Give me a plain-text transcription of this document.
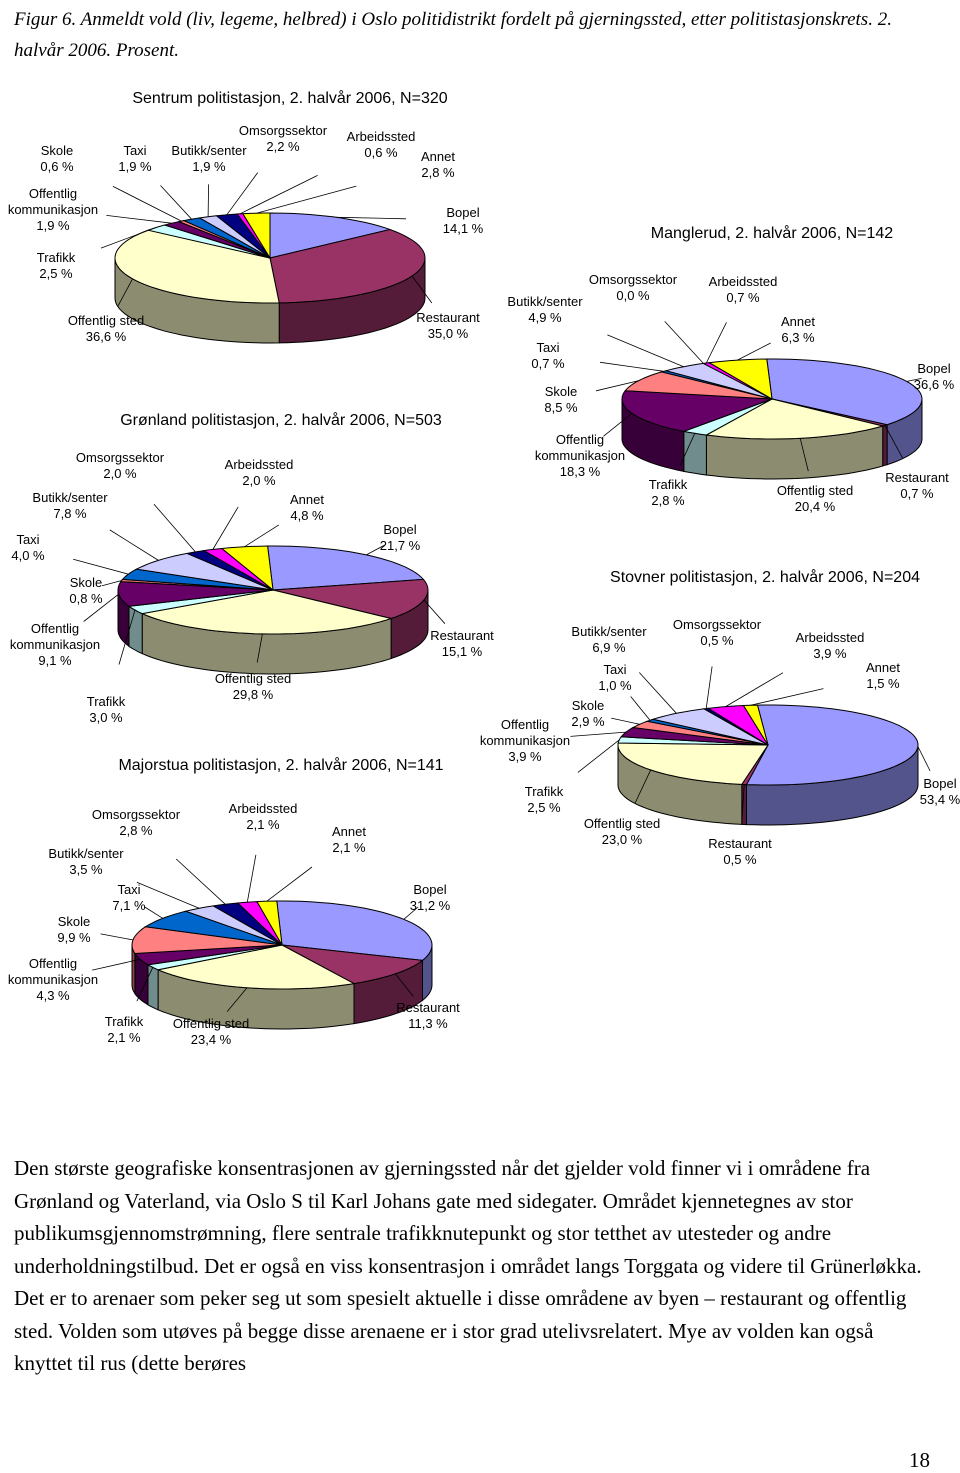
Figur 6. Anmeldt vold (liv, legeme, helbred) i Oslo politidistrikt fordelt på gjerningssted, etter politistasjonskrets. 2. halvår 2006. Prosent.
Sentrum politistasjon, 2. halvår 2006, N=320
Bopel
14,1 %
Restaurant
35,0 %
Offentlig sted
36,6 %
Trafikk
2,5 %
Offentlig
kommunikasjon
1,9 %
Skole
0,6 %
Taxi
1,9 %
Butikk/senter
1,9 %
Omsorgssektor
2,2 %
Arbeidssted
0,6 % Annet
2,8 %
Grønland politistasjon, 2. halvår 2006, N=503
Bopel
21,7 %
Restaurant
15,1 %
Offentlig sted
29,8 %
Trafikk
3,0 %
Offentlig
kommunikasjon
9,1 %
Skole
0,8 %
Taxi
4,0 %
Butikk/senter
7,8 %
Omsorgssektor
2,0 %
Arbeidssted
2,0 %
Annet
4,8 %
Majorstua politistasjon, 2. halvår 2006, N=141
Bopel
31,2 %
Restaurant
11,3 %
Offentlig sted
23,4 %
Trafikk
2,1 %
Offentlig
kommunikasjon
4,3 %
Skole
9,9 %
Taxi
7,1 %
Butikk/senter
3,5 %
Omsorgssektor
2,8 %
Arbeidssted
2,1 %	Annet
2,1 %
Manglerud, 2. halvår 2006, N=142
Bopel
36,6 %
Restaurant
0,7 %
Offentlig sted
20,4 %
Trafikk
2,8 %
Offentlig
kommunikasjon
18,3 %
Skole
8,5 %
Taxi
0,7 %
Butikk/senter
4,9 %
Omsorgssektor
0,0 %
Arbeidssted
0,7 %
Annet
6,3 %
Stovner politistasjon, 2. halvår 2006, N=204
Bopel
53,4 %
Restaurant
0,5 %
Offentlig sted
23,0 %
Trafikk
2,5 %
Offentlig
kommunikasjon
3,9 %
Skole
2,9 %
Taxi
1,0 %
Butikk/senter
6,9 %
Omsorgssektor
0,5 %	Arbeidssted
3,9 %
Annet
1,5 %

Den største geografiske konsentrasjonen av gjerningssted når det gjelder vold finner vi i områdene fra Grønland og Vaterland, via Oslo S til Karl Johans gate med sidegater. Området kjennetegnes av stor publikumsgjennomstrømning, flere sentrale trafikknutepunkt og stor tetthet av utesteder og andre underholdningstilbud. Det er også en viss konsentrasjon i området langs Torggata og videre til Grünerløkka. Det er to arenaer som peker seg ut som spesielt aktuelle i disse områdene av byen – restaurant og offentlig sted. Volden som utøves på begge disse arenaene er i stor grad utelivsrelatert. Mye av volden kan også knyttet til rus (dette berøres

18
